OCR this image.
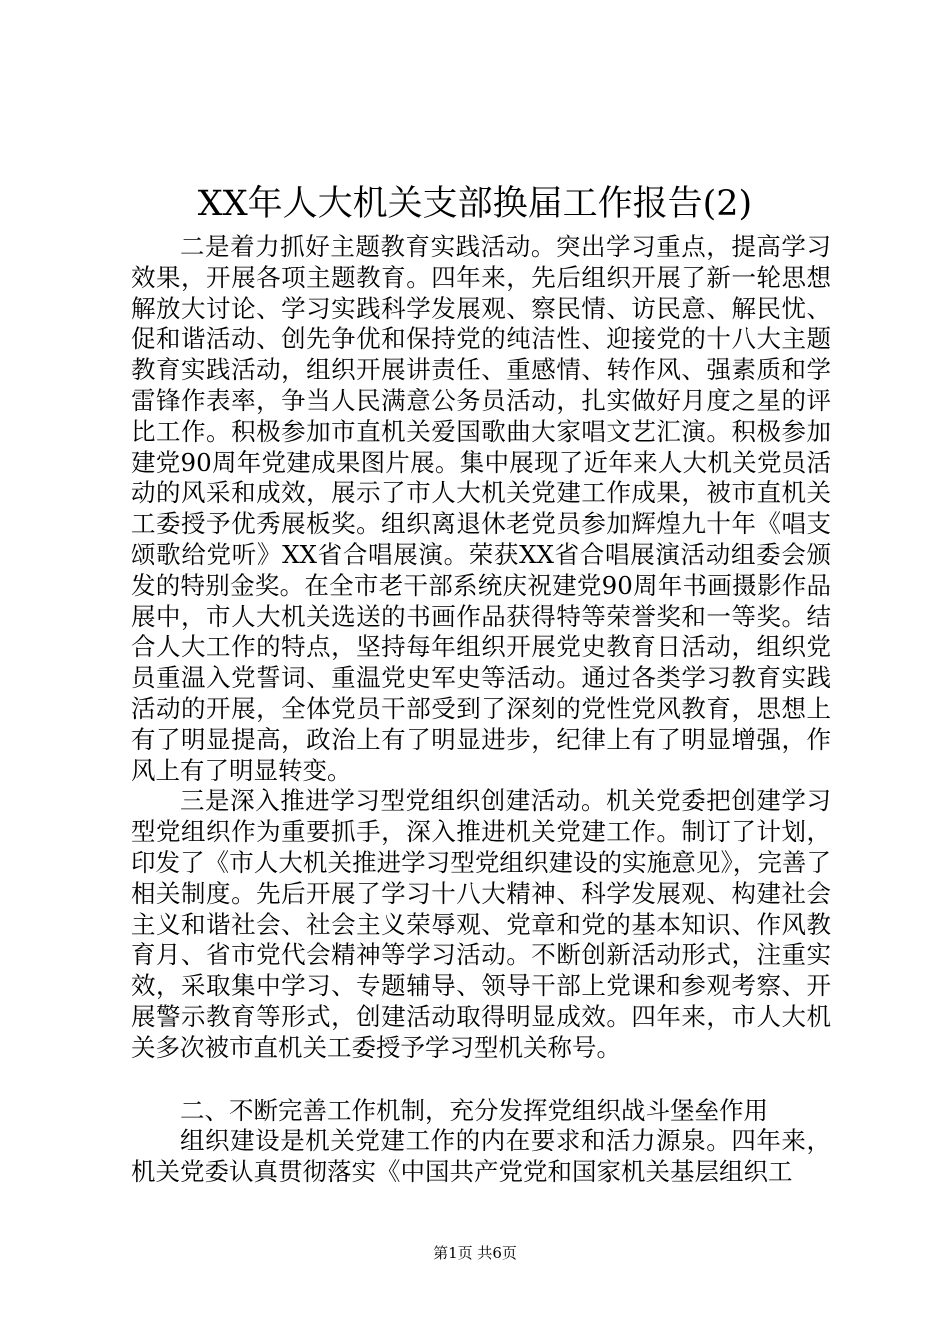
XX年人大机关支部换届工作报告(2)

二是着力抓好主题教育实践活动。突出学习重点，提高学习效果，开展各项主题教育。四年来，先后组织开展了新一轮思想解放大讨论、学习实践科学发展观、察民情、访民意、解民忧、促和谐活动、创先争优和保持党的纯洁性、迎接党的十八大主题教育实践活动，组织开展讲责任、重感情、转作风、强素质和学雷锋作表率，争当人民满意公务员活动，扎实做好月度之星的评比工作。积极参加市直机关爱国歌曲大家唱文艺汇演。积极参加建党90周年党建成果图片展。集中展现了近年来人大机关党员活动的风采和成效，展示了市人大机关党建工作成果，被市直机关工委授予优秀展板奖。组织离退休老党员参加辉煌九十年《唱支颂歌给党听》XX省合唱展演。荣获XX省合唱展演活动组委会颁发的特别金奖。在全市老干部系统庆祝建党90周年书画摄影作品展中，市人大机关选送的书画作品获得特等荣誉奖和一等奖。结合人大工作的特点，坚持每年组织开展党史教育日活动，组织党员重温入党誓词、重温党史军史等活动。通过各类学习教育实践活动的开展，全体党员干部受到了深刻的党性党风教育，思想上有了明显提高，政治上有了明显进步，纪律上有了明显增强，作风上有了明显转变。

三是深入推进学习型党组织创建活动。机关党委把创建学习型党组织作为重要抓手，深入推进机关党建工作。制订了计划，印发了《市人大机关推进学习型党组织建设的实施意见》，完善了相关制度。先后开展了学习十八大精神、科学发展观、构建社会主义和谐社会、社会主义荣辱观、党章和党的基本知识、作风教育月、省市党代会精神等学习活动。不断创新活动形式，注重实效，采取集中学习、专题辅导、领导干部上党课和参观考察、开展警示教育等形式，创建活动取得明显成效。四年来，市人大机关多次被市直机关工委授予学习型机关称号。

二、不断完善工作机制，充分发挥党组织战斗堡垒作用

组织建设是机关党建工作的内在要求和活力源泉。四年来，机关党委认真贯彻落实《中国共产党党和国家机关基层组织工

第1页 共6页
